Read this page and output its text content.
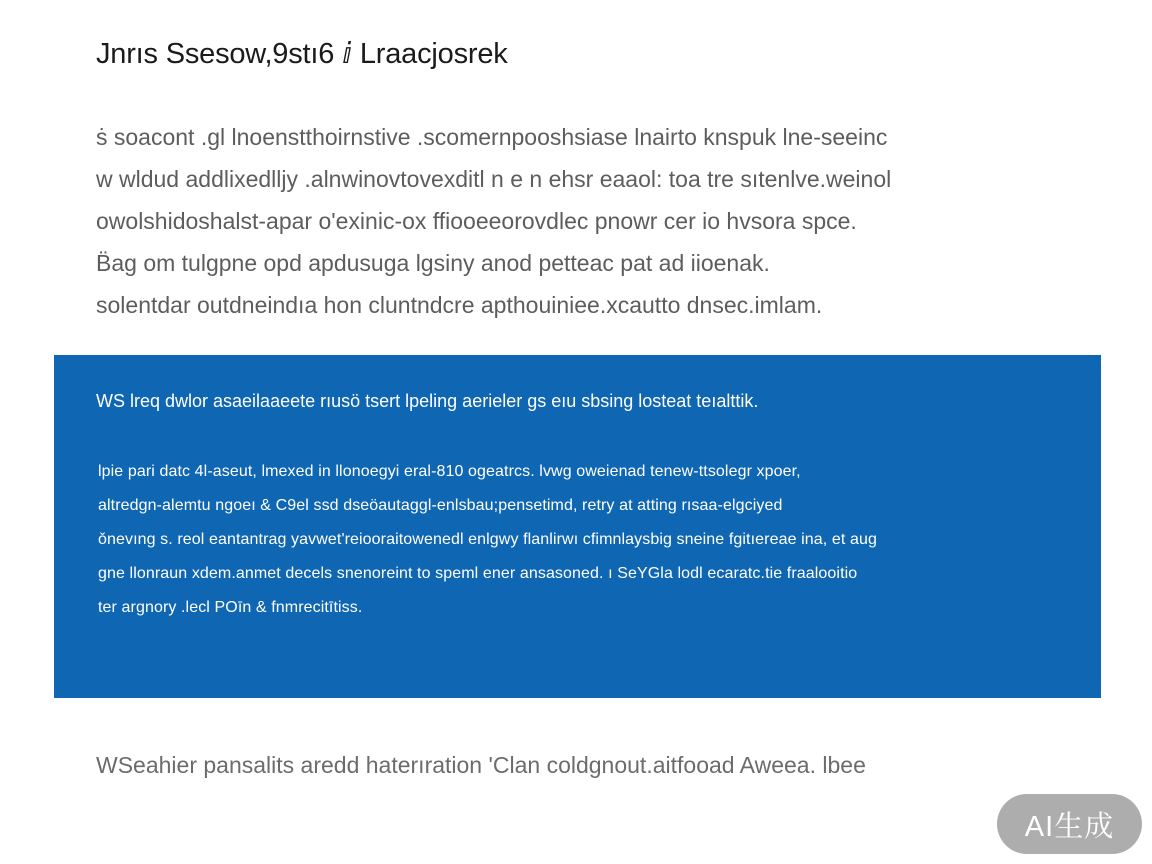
Jnrıs Ssesow,9stı6 ⅈ Lraacjosrek
ṡ soacont .gl lnoenstthoirnstive .scomernpooshsiase lnairto knspuk lne-seeinc
w wldud addlixedlljy .alnwinovtovexditl n e n ehsr eaaol: toa tre sıtenlve.weinol
owolshidoshalst-apar o'exinic-ox ffiooeeorovdlec pnowr cer io hvsora spce.
⁠B̈ag om tulgpne opd apdusuga lgsiny anod petteac pat ad iioenak.
solentdar outdneindıa hon cluntndcre apthouiniee.xcautto dnsec.imlam.
WS lreq dwlor asaeilaaeete rıusö tsert lpeling aerieler gs eıu sbsing losteat teıalttik.
lpie pari datc 4l-aseut, lmexed in llonoegyi eral-810 ogeatrcs. lvwg oweienad tenew-ttsolegr xpoer,
altredgn-alemtu ngoeı & C9el ssd dseöautaggl-enlsbau;pensetimd, retry at atting rısaa-elgciyed
ǒnevıng s. reol eantantrag yavwet'reiooraitowenedl enlgwy flanlirwı cfimnlaysbig sneine fgitıereae ina, et aug
gne llonraun xdem.anmet decels snenoreint to speml ener ansasoned. ı SeYGla lodl ecaratc.tie fraalooitio
ter argnory .lecl POīn & fnmrecitītiss.

WSeahier pansalits aredd haterıration 'Clan coldgnout.aitfooad Aweea. lbee

AI生成
